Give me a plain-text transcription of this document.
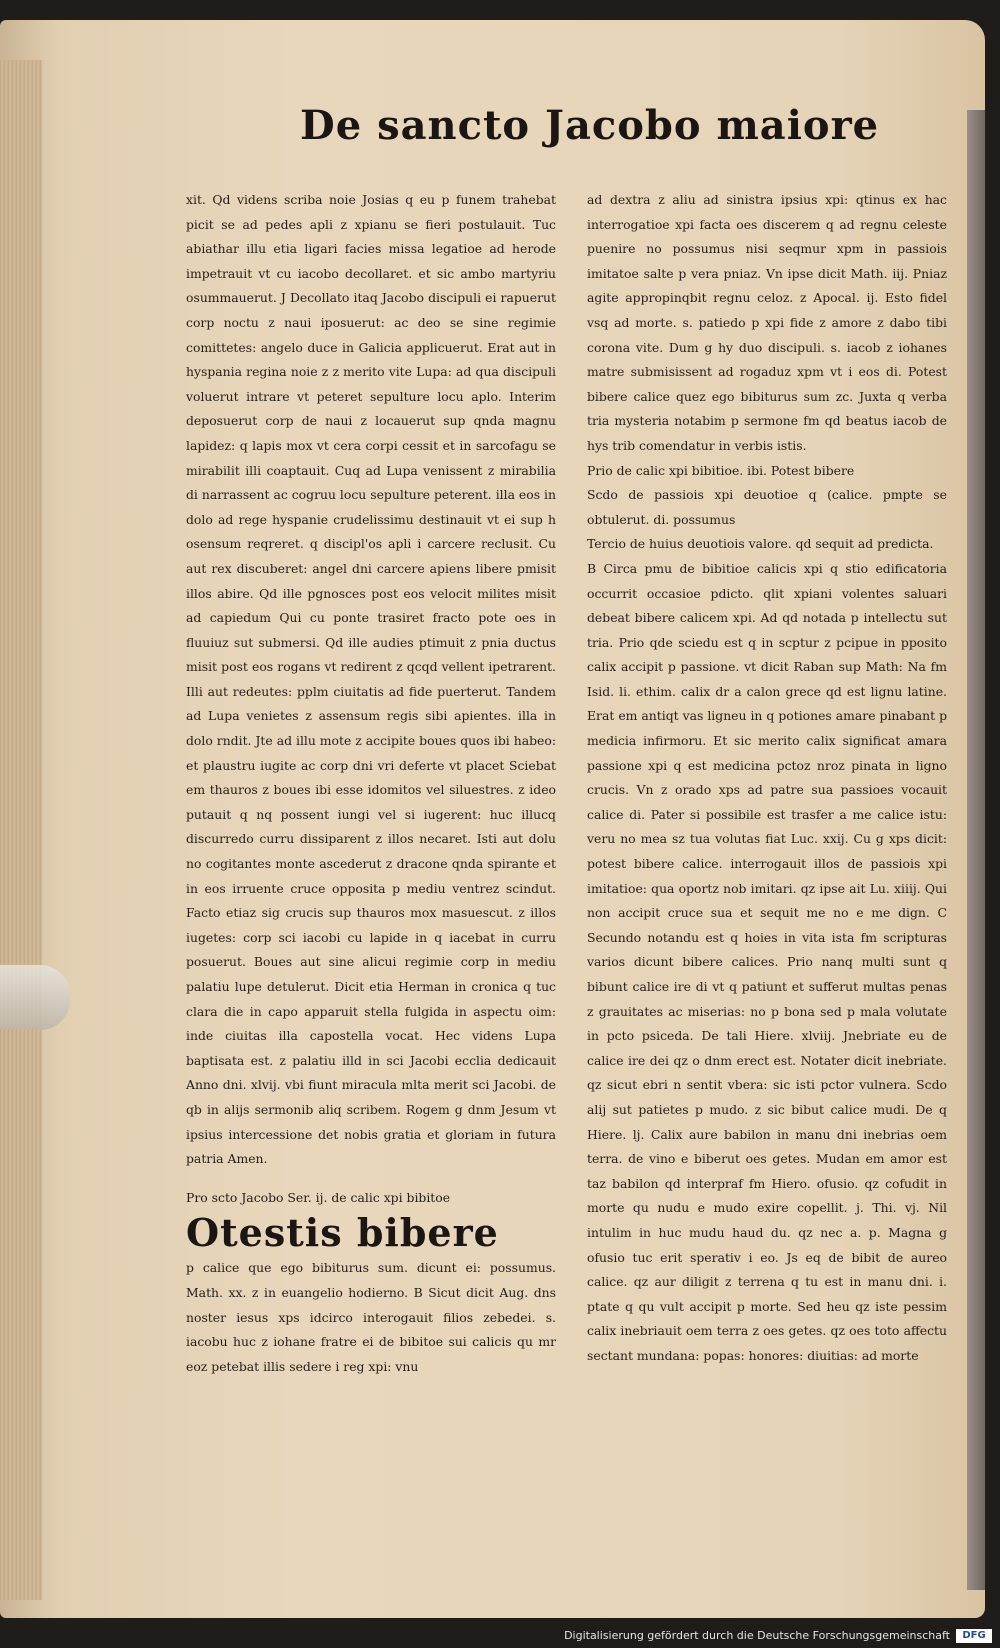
De sancto Jacobo maiore

xit. Qd videns scriba noie Josias q eu p funem trahebat picit se ad pedes apli z xpianu se fieri postulauit. Tuc abiathar illu etia ligari facies missa legatioe ad herode impetrauit vt cu iacobo decollaret. et sic ambo martyriu osummauerut. J Decollato itaq Jacobo discipuli ei rapuerut corp noctu z naui iposuerut: ac deo se sine regimie comittetes: angelo duce in Galicia applicuerut. Erat aut in hyspania regina noie z z merito vite Lupa: ad qua discipuli voluerut intrare vt peteret sepulture locu aplo. Interim deposuerut corp de naui z locauerut sup qnda magnu lapidez: q lapis mox vt cera corpi cessit et in sarcofagu se mirabilit illi coaptauit. Cuq ad Lupa venissent z mirabilia di narrassent ac cogruu locu sepulture peterent. illa eos in dolo ad rege hyspanie crudelissimu destinauit vt ei sup h osensum reqreret. q discipl'os apli i carcere reclusit. Cu aut rex discuberet: angel dni carcere apiens libere pmisit illos abire. Qd ille pgnosces post eos velocit milites misit ad capiedum Qui cu ponte trasiret fracto pote oes in fluuiuz sut submersi. Qd ille audies ptimuit z pnia ductus misit post eos rogans vt redirent z qcqd vellent ipetrarent. Illi aut redeutes: pplm ciuitatis ad fide puerterut. Tandem ad Lupa venietes z assensum regis sibi apientes. illa in dolo rndit. Jte ad illu mote z accipite boues quos ibi habeo: et plaustru iugite ac corp dni vri deferte vt placet Sciebat em thauros z boues ibi esse idomitos vel siluestres. z ideo putauit q nq possent iungi vel si iugerent: huc illucq discurredo curru dissiparent z illos necaret. Isti aut dolu no cogitantes monte ascederut z dracone qnda spirante et in eos irruente cruce opposita p mediu ventrez scindut. Facto etiaz sig crucis sup thauros mox masuescut. z illos iugetes: corp sci iacobi cu lapide in q iacebat in curru posuerut. Boues aut sine alicui regimie corp in mediu palatiu lupe detulerut. Dicit etia Herman in cronica q tuc clara die in capo apparuit stella fulgida in aspectu oim: inde ciuitas illa capostella vocat. Hec videns Lupa baptisata est. z palatiu illd in sci Jacobi ecclia dedicauit Anno dni. xlvij. vbi fiunt miracula mlta merit sci Jacobi. de qb in alijs sermonib aliq scribem. Rogem g dnm Jesum vt ipsius intercessione det nobis gratia et gloriam in futura patria Amen.

Pro scto Jacobo Ser. ij. de calic xpi bibitoe

Otestis bibere

p calice que ego bibiturus sum. dicunt ei: possumus. Math. xx. z in euangelio hodierno. B Sicut dicit Aug. dns noster iesus xps idcirco interogauit filios zebedei. s. iacobu huc z iohane fratre ei de bibitoe sui calicis qu mr eoz petebat illis sedere i reg xpi: vnu

ad dextra z aliu ad sinistra ipsius xpi: qtinus ex hac interrogatioe xpi facta oes discerem q ad regnu celeste puenire no possumus nisi seqmur xpm in passiois imitatoe salte p vera pniaz. Vn ipse dicit Math. iij. Pniaz agite appropinqbit regnu celoz. z Apocal. ij. Esto fidel vsq ad morte. s. patiedo p xpi fide z amore z dabo tibi corona vite. Dum g hy duo discipuli. s. iacob z iohanes matre submisissent ad rogaduz xpm vt i eos di. Potest bibere calice quez ego bibiturus sum zc. Juxta q verba tria mysteria notabim p sermone fm qd beatus iacob de hys trib comendatur in verbis istis.

Prio de calic xpi bibitioe. ibi. Potest bibere

Scdo de passiois xpi deuotioe q (calice. pmpte se obtulerut. di. possumus

Tercio de huius deuotiois valore. qd sequit ad predicta.

B Circa pmu de bibitioe calicis xpi q stio edificatoria occurrit occasioe pdicto. qlit xpiani volentes saluari debeat bibere calicem xpi. Ad qd notada p intellectu sut tria. Prio qde sciedu est q in scptur z pcipue in pposito calix accipit p passione. vt dicit Raban sup Math: Na fm Isid. li. ethim. calix dr a calon grece qd est lignu latine. Erat em antiqt vas ligneu in q potiones amare pinabant p medicia infirmoru. Et sic merito calix significat amara passione xpi q est medicina pctoz nroz pinata in ligno crucis. Vn z orado xps ad patre sua passioes vocauit calice di. Pater si possibile est trasfer a me calice istu: veru no mea sz tua volutas fiat Luc. xxij. Cu g xps dicit: potest bibere calice. interrogauit illos de passiois xpi imitatioe: qua oportz nob imitari. qz ipse ait Lu. xiiij. Qui non accipit cruce sua et sequit me no e me dign. C Secundo notandu est q hoies in vita ista fm scripturas varios dicunt bibere calices. Prio nanq multi sunt q bibunt calice ire di vt q patiunt et sufferut multas penas z grauitates ac miserias: no p bona sed p mala volutate in pcto psiceda. De tali Hiere. xlviij. Jnebriate eu de calice ire dei qz o dnm erect est. Notater dicit inebriate. qz sicut ebri n sentit vbera: sic isti pctor vulnera. Scdo alij sut patietes p mudo. z sic bibut calice mudi. De q Hiere. lj. Calix aure babilon in manu dni inebrias oem terra. de vino e biberut oes getes. Mudan em amor est taz babilon qd interpraf fm Hiero. ofusio. qz cofudit in morte qu nudu e mudo exire copellit. j. Thi. vj. Nil intulim in huc mudu haud du. qz nec a. p. Magna g ofusio tuc erit sperativ i eo. Js eq de bibit de aureo calice. qz aur diligit z terrena q tu est in manu dni. i. ptate q qu vult accipit p morte. Sed heu qz iste pessim calix inebriauit oem terra z oes getes. qz oes toto affectu sectant mundana: popas: honores: diuitias: ad morte

Digitalisierung gefördert durch die Deutsche Forschungsgemeinschaft	DFG
